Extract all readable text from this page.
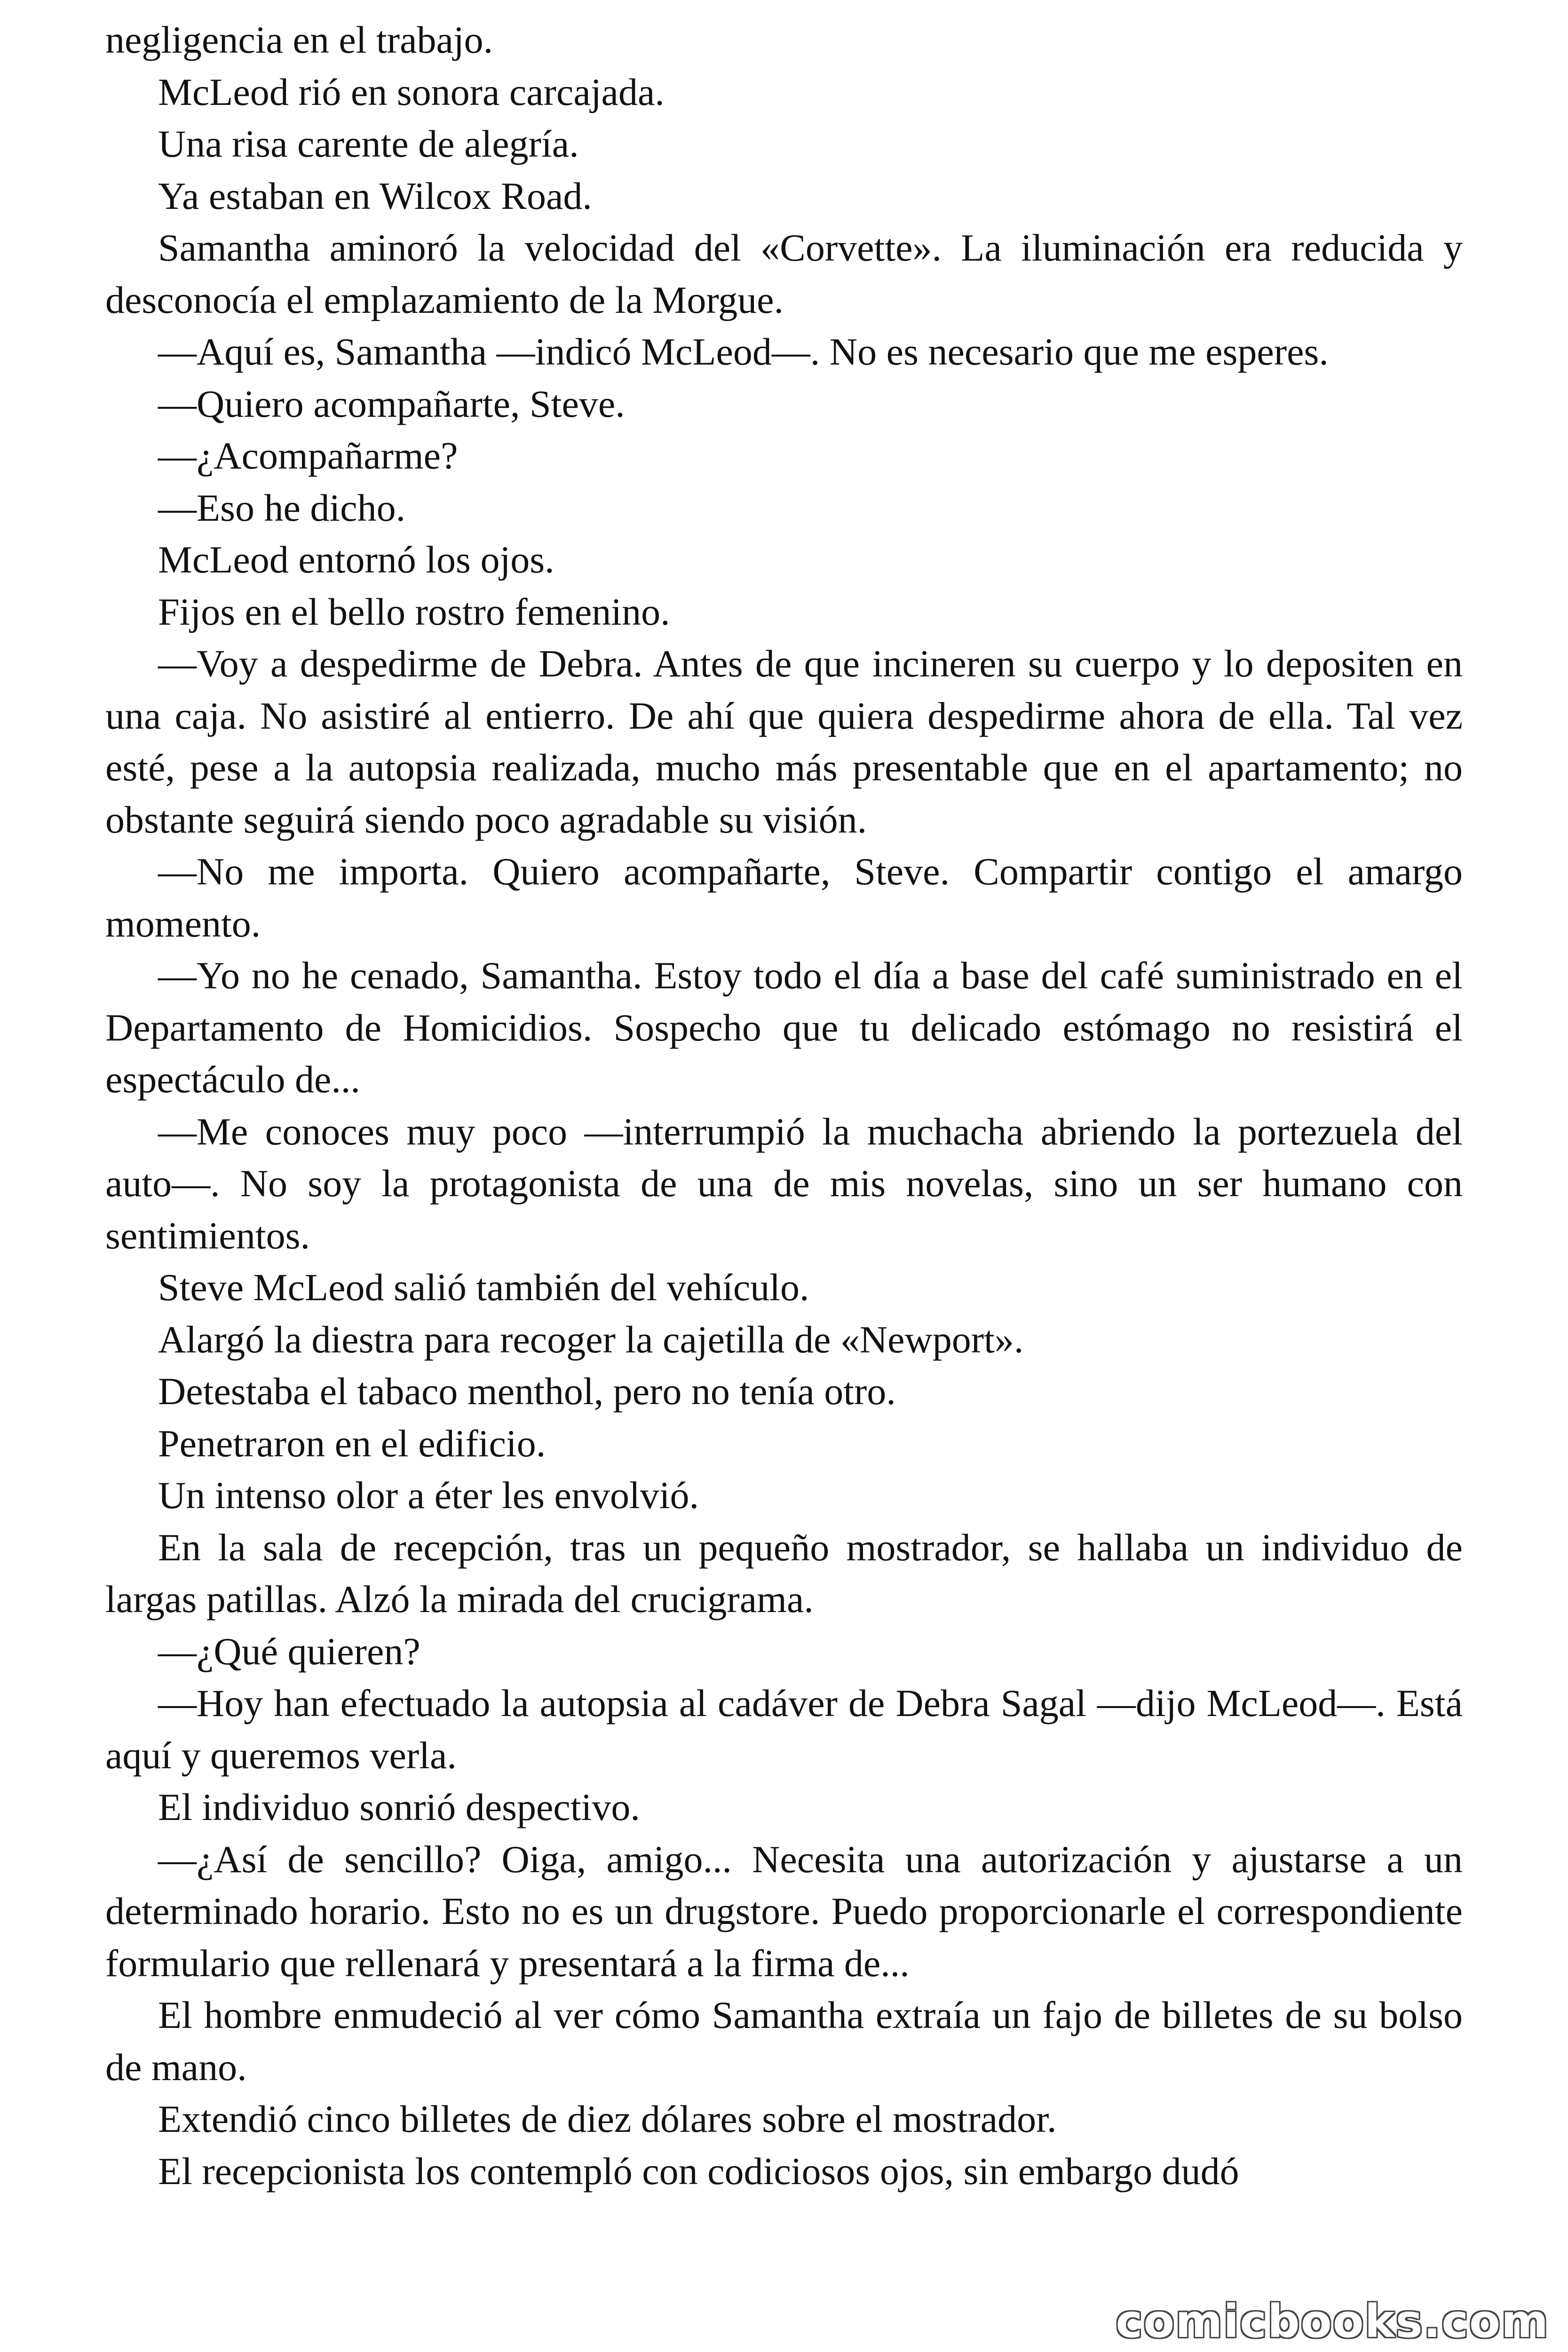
negligencia en el trabajo.

McLeod rió en sonora carcajada.

Una risa carente de alegría.

Ya estaban en Wilcox Road.

Samantha aminoró la velocidad del «Corvette». La iluminación era reducida y desconocía el emplazamiento de la Morgue.

—Aquí es, Samantha —indicó McLeod—. No es necesario que me esperes.

—Quiero acompañarte, Steve.

—¿Acompañarme?

—Eso he dicho.

McLeod entornó los ojos.

Fijos en el bello rostro femenino.

—Voy a despedirme de Debra. Antes de que incineren su cuerpo y lo depositen en una caja. No asistiré al entierro. De ahí que quiera despedirme ahora de ella. Tal vez esté, pese a la autopsia realizada, mucho más presentable que en el apartamento; no obstante seguirá siendo poco agradable su visión.

—No me importa. Quiero acompañarte, Steve. Compartir contigo el amargo momento.

—Yo no he cenado, Samantha. Estoy todo el día a base del café suministrado en el Departamento de Homicidios. Sospecho que tu delicado estómago no resistirá el espectáculo de...

—Me conoces muy poco —interrumpió la muchacha abriendo la portezuela del auto—. No soy la protagonista de una de mis novelas, sino un ser humano con sentimientos.

Steve McLeod salió también del vehículo.

Alargó la diestra para recoger la cajetilla de «Newport».

Detestaba el tabaco menthol, pero no tenía otro.

Penetraron en el edificio.

Un intenso olor a éter les envolvió.

En la sala de recepción, tras un pequeño mostrador, se hallaba un individuo de largas patillas. Alzó la mirada del crucigrama.

—¿Qué quieren?

—Hoy han efectuado la autopsia al cadáver de Debra Sagal —dijo McLeod—. Está aquí y queremos verla.

El individuo sonrió despectivo.

—¿Así de sencillo? Oiga, amigo... Necesita una autorización y ajustarse a un determinado horario. Esto no es un drugstore. Puedo proporcionarle el correspondiente formulario que rellenará y presentará a la firma de...

El hombre enmudeció al ver cómo Samantha extraía un fajo de billetes de su bolso de mano.

Extendió cinco billetes de diez dólares sobre el mostrador.

El recepcionista los contempló con codiciosos ojos, sin embargo dudó

comicbooks.com
